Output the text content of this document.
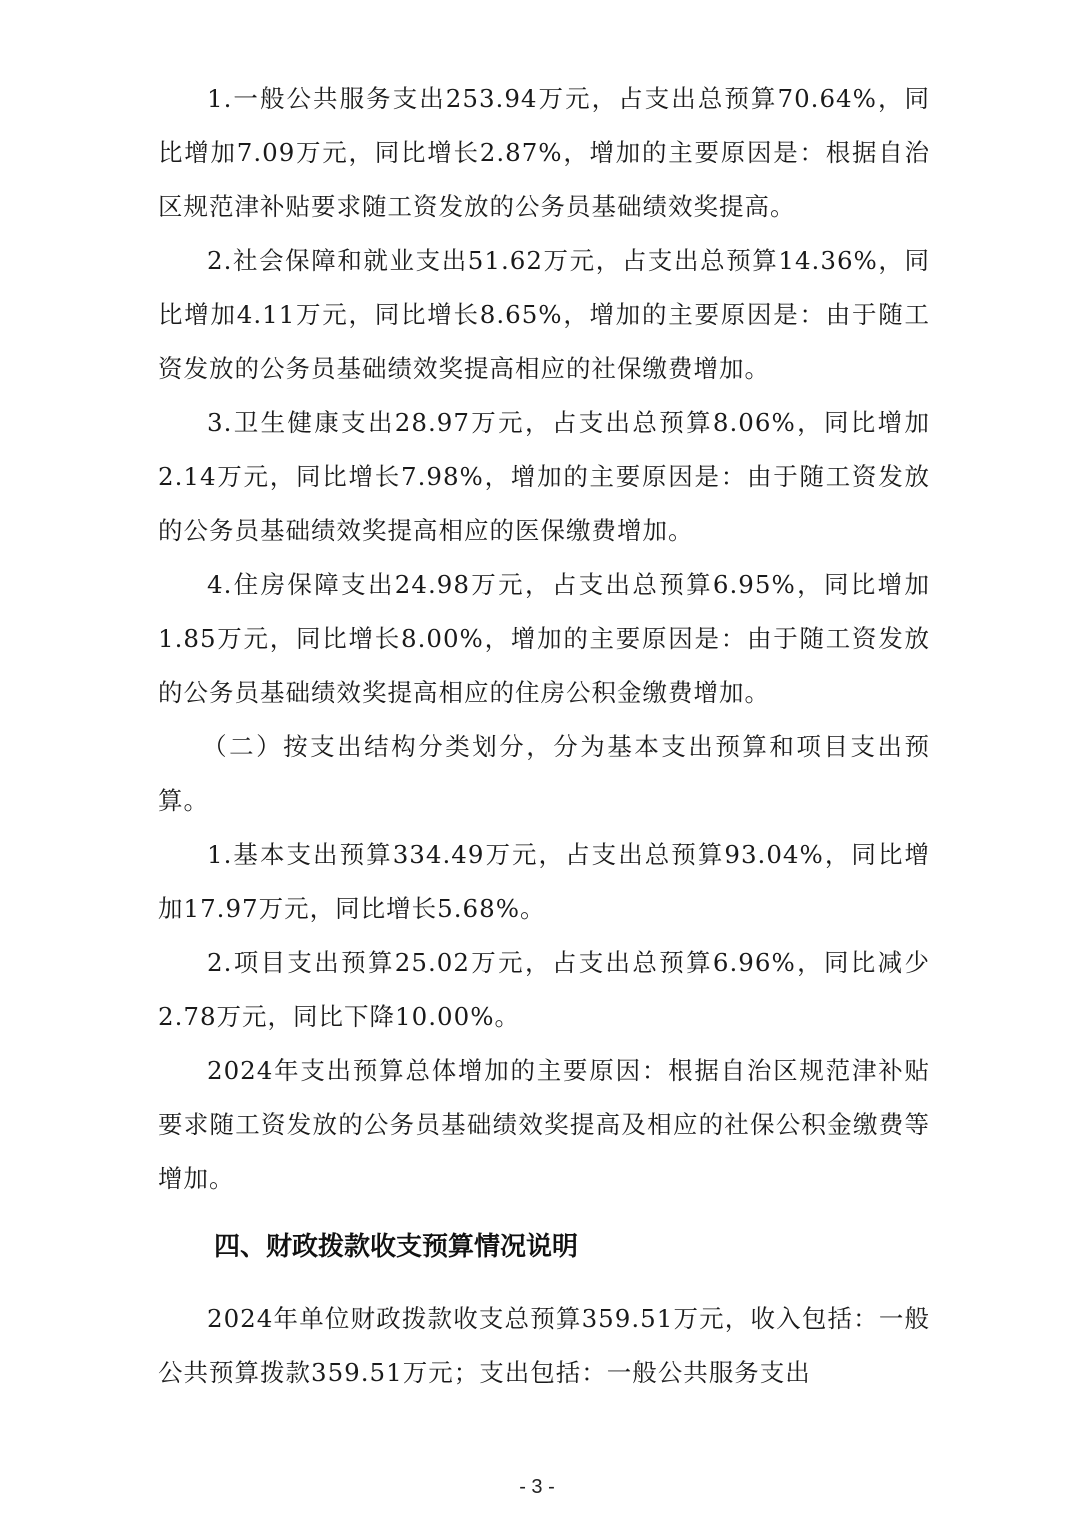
1.一般公共服务支出253.94万元，占支出总预算70.64%，同比增加7.09万元，同比增长2.87%，增加的主要原因是：根据自治区规范津补贴要求随工资发放的公务员基础绩效奖提高。

2.社会保障和就业支出51.62万元，占支出总预算14.36%，同比增加4.11万元，同比增长8.65%，增加的主要原因是：由于随工资发放的公务员基础绩效奖提高相应的社保缴费增加。

3.卫生健康支出28.97万元，占支出总预算8.06%，同比增加2.14万元，同比增长7.98%，增加的主要原因是：由于随工资发放的公务员基础绩效奖提高相应的医保缴费增加。

4.住房保障支出24.98万元，占支出总预算6.95%，同比增加1.85万元，同比增长8.00%，增加的主要原因是：由于随工资发放的公务员基础绩效奖提高相应的住房公积金缴费增加。

（二）按支出结构分类划分，分为基本支出预算和项目支出预算。

1.基本支出预算334.49万元，占支出总预算93.04%，同比增加17.97万元，同比增长5.68%。

2.项目支出预算25.02万元，占支出总预算6.96%，同比减少2.78万元，同比下降10.00%。

2024年支出预算总体增加的主要原因：根据自治区规范津补贴要求随工资发放的公务员基础绩效奖提高及相应的社保公积金缴费等增加。

四、财政拨款收支预算情况说明

2024年单位财政拨款收支总预算359.51万元，收入包括：一般公共预算拨款359.51万元；支出包括：一般公共服务支出

- 3 -
